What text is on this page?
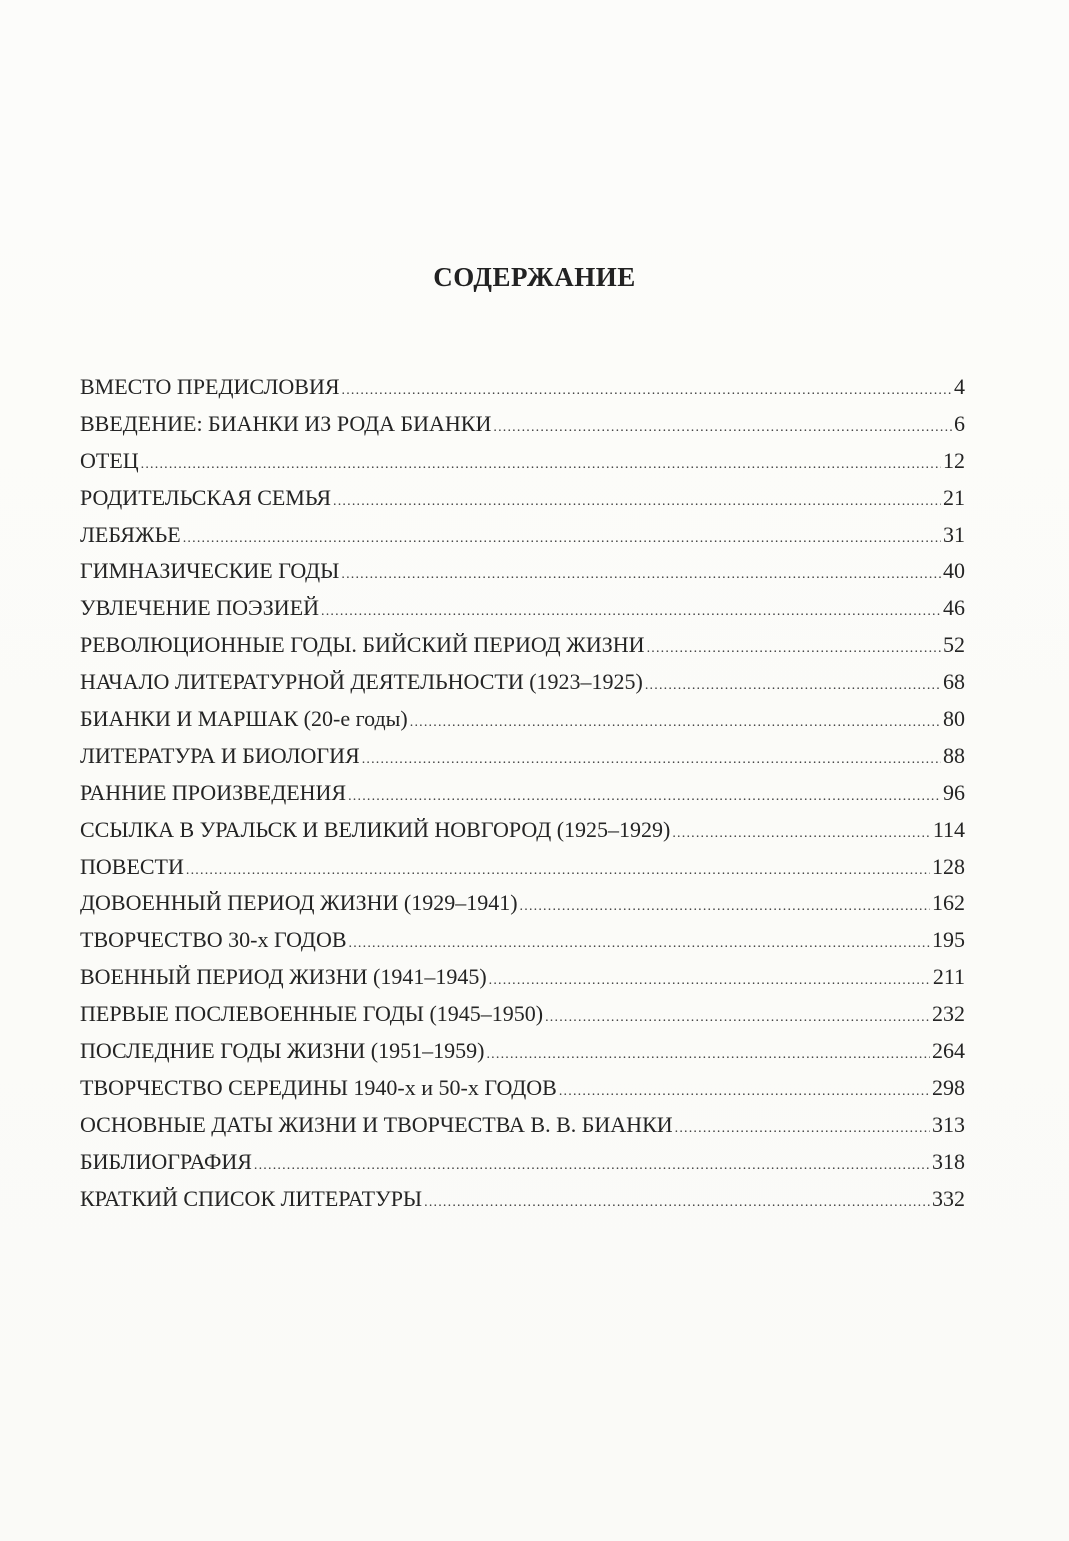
СОДЕРЖАНИЕ
ВМЕСТО ПРЕДИСЛОВИЯ .....	4
ВВЕДЕНИЕ: БИАНКИ ИЗ РОДА БИАНКИ .....	6
ОТЕЦ .....	12
РОДИТЕЛЬСКАЯ СЕМЬЯ .....	21
ЛЕБЯЖЬЕ .....	31
ГИМНАЗИЧЕСКИЕ ГОДЫ .....	40
УВЛЕЧЕНИЕ ПОЭЗИЕЙ .....	46
РЕВОЛЮЦИОННЫЕ ГОДЫ. БИЙСКИЙ ПЕРИОД ЖИЗНИ .....	52
НАЧАЛО ЛИТЕРАТУРНОЙ ДЕЯТЕЛЬНОСТИ (1923–1925) .....	68
БИАНКИ И МАРШАК (20-е годы) .....	80
ЛИТЕРАТУРА И БИОЛОГИЯ .....	88
РАННИЕ ПРОИЗВЕДЕНИЯ .....	96
ССЫЛКА В УРАЛЬСК И ВЕЛИКИЙ НОВГОРОД (1925–1929) .....	114
ПОВЕСТИ .....	128
ДОВОЕННЫЙ ПЕРИОД ЖИЗНИ (1929–1941) .....	162
ТВОРЧЕСТВО 30-х ГОДОВ .....	195
ВОЕННЫЙ ПЕРИОД ЖИЗНИ (1941–1945) .....	211
ПЕРВЫЕ ПОСЛЕВОЕННЫЕ ГОДЫ (1945–1950) .....	232
ПОСЛЕДНИЕ ГОДЫ ЖИЗНИ (1951–1959) .....	264
ТВОРЧЕСТВО СЕРЕДИНЫ 1940-х и 50-х ГОДОВ .....	298
ОСНОВНЫЕ ДАТЫ ЖИЗНИ И ТВОРЧЕСТВА В. В. БИАНКИ .....	313
БИБЛИОГРАФИЯ .....	318
КРАТКИЙ СПИСОК ЛИТЕРАТУРЫ .....	332
